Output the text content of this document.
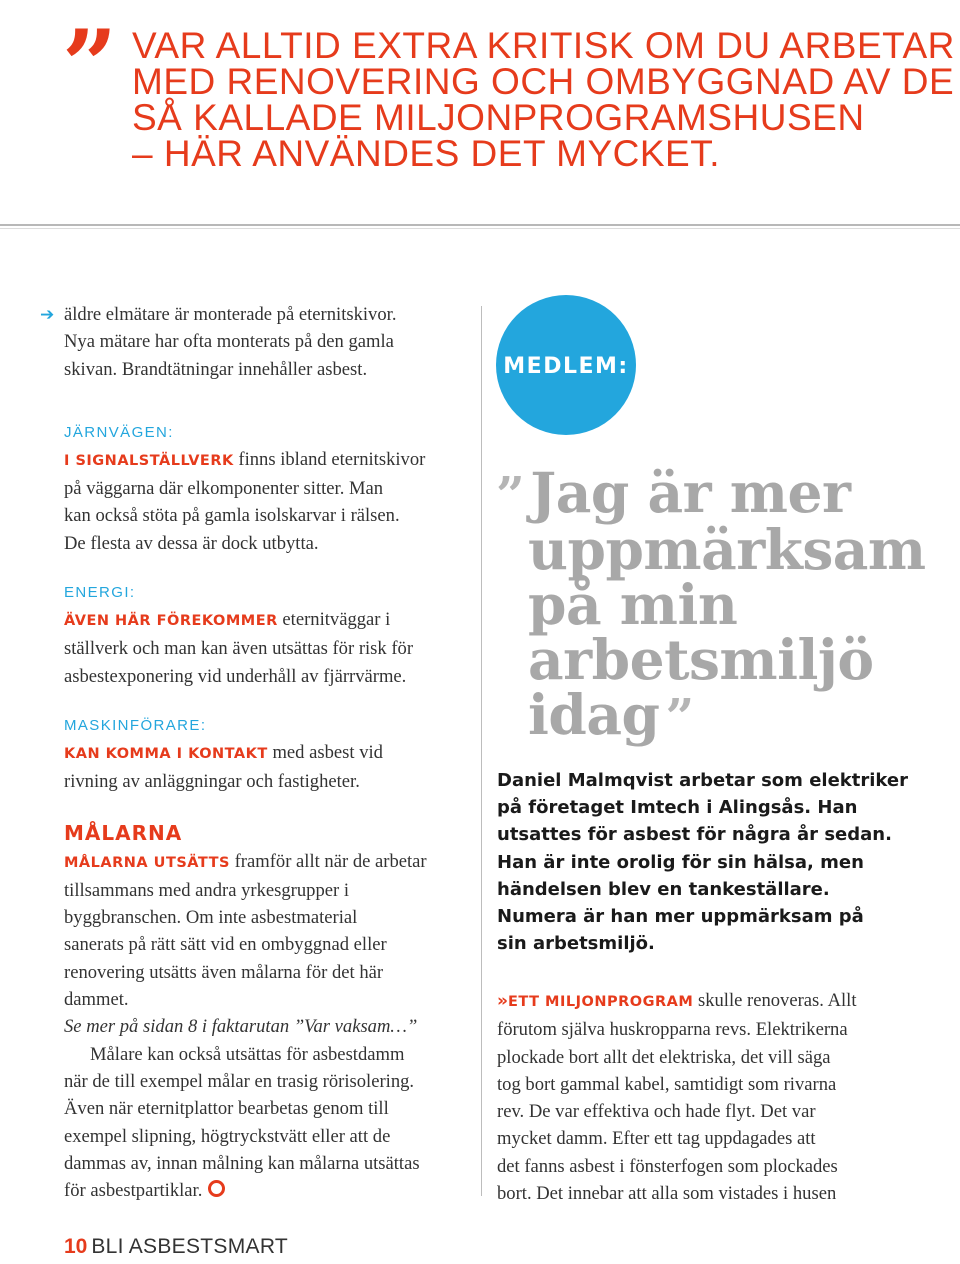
” VAR ALLTID EXTRA KRITISK OM DU ARBETAR
MED RENOVERING OCH OMBYGGNAD AV DE
SÅ KALLADE MILJONPROGRAMSHUSEN
– HÄR ANVÄNDES DET MYCKET.
➔ äldre elmätare är monterade på eternitskivor.
Nya mätare har ofta monterats på den gamla
skivan. Brandtätningar innehåller asbest.

JÄRNVÄGEN:

I SIGNALSTÄLLVERK finns ibland eternitskivor
på väggarna där elkomponenter sitter. Man
kan också stöta på gamla isolskarvar i rälsen.
De flesta av dessa är dock utbytta.

ENERGI:

ÄVEN HÄR FÖREKOMMER eternitväggar i
ställverk och man kan även utsättas för risk för
asbestexponering vid underhåll av fjärrvärme.

MASKINFÖRARE:

KAN KOMMA I KONTAKT med asbest vid
rivning av anläggningar och fastigheter.

MÅLARNA

MÅLARNA UTSÄTTS framför allt när de arbetar
tillsammans med andra yrkesgrupper i
byggbranschen. Om inte asbestmaterial
sanerats på rätt sätt vid en ombyggnad eller
renovering utsätts även målarna för det här
dammet.
Se mer på sidan 8 i faktarutan ”Var vaksam…”

Målare kan också utsättas för asbestdamm
när de till exempel målar en trasig rörisolering.
Även när eternitplattor bearbetas genom till
exempel slipning, högtryckstvätt eller att de
dammas av, innan målning kan målarna utsättas
för asbestpartiklar.

MEDLEM:
” Jag är mer
uppmärksam
på min
arbetsmiljö
idag ”
Daniel Malmqvist arbetar som elektriker
på företaget Imtech i Alingsås. Han
utsattes för asbest för några år sedan.
Han är inte orolig för sin hälsa, men
händelsen blev en tankeställare.
Numera är han mer uppmärksam på
sin arbetsmiljö.
»ETT MILJONPROGRAM skulle renoveras. Allt
förutom själva huskropparna revs. Elektrikerna
plockade bort allt det elektriska, det vill säga
tog bort gammal kabel, samtidigt som rivarna
rev. De var effektiva och hade flyt. Det var
mycket damm. Efter ett tag uppdagades att
det fanns asbest i fönsterfogen som plockades
bort. Det innebar att alla som vistades i husen
10 BLI ASBESTSMART
